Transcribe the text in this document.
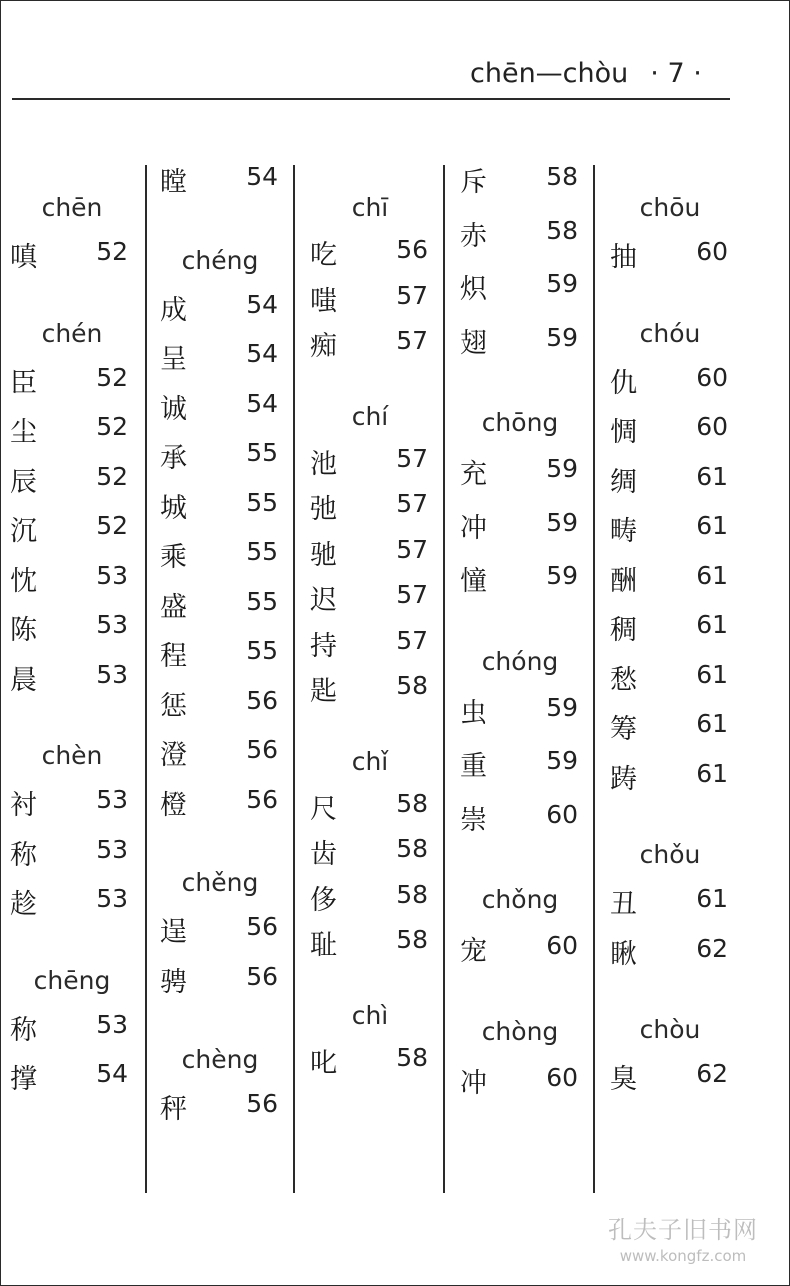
chēn—chòu · 7 ·
chēn
嗔 52
chén
臣 52
尘 52
辰 52
沉 52
忱 53
陈 53
晨 53
chèn
衬 53
称 53
趁 53
chēng
称 53
撑 54
瞠 54
chéng
成 54
呈 54
诚 54
承 55
城 55
乘 55
盛 55
程 55
惩 56
澄 56
橙 56
chěng
逞 56
骋 56
chèng
秤 56
chī
吃 56
嗤 57
痴 57
chí
池 57
弛 57
驰 57
迟 57
持 57
匙 58
chǐ
尺 58
齿 58
侈 58
耻 58
chì
叱 58
斥 58
赤 58
炽 59
翅 59
chōng
充 59
冲 59
憧 59
chóng
虫 59
重 59
崇 60
chǒng
宠 60
chòng
冲 60
chōu
抽 60
chóu
仇 60
惆 60
绸 61
畴 61
酬 61
稠 61
愁 61
筹 61
踌 61
chǒu
丑 61
瞅 62
chòu
臭 62
孔夫子旧书网
www.kongfz.com
